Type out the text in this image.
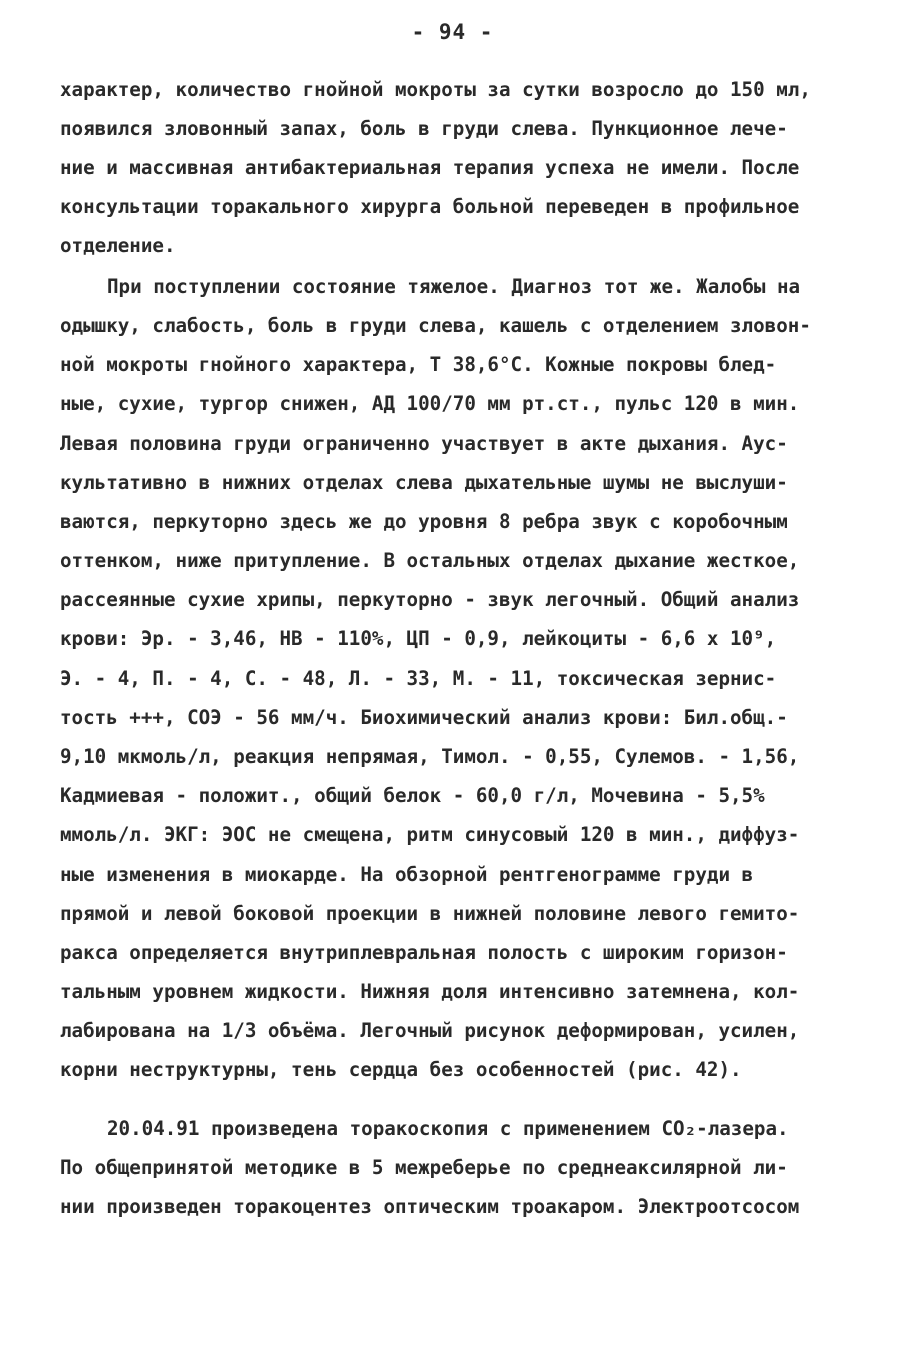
- 94 -
характер, количество гнойной мокроты за сутки возросло до 150 мл,
появился зловонный запах, боль в груди слева. Пункционное лече-
ние и массивная антибактериальная терапия успеха не имели. После
консультации торакального хирурга больной переведен в профильное
отделение.
При поступлении состояние тяжелое. Диагноз тот же. Жалобы на
одышку, слабость, боль в груди слева, кашель с отделением зловон-
ной мокроты гнойного характера, Т 38,6°С. Кожные покровы блед-
ные, сухие, тургор снижен, АД 100/70 мм рт.ст., пульс 120 в мин.
Левая половина груди ограниченно участвует в акте дыхания. Аус-
культативно в нижних отделах слева дыхательные шумы не выслуши-
ваются, перкуторно здесь же до уровня 8 ребра звук с коробочным
оттенком, ниже притупление. В остальных отделах дыхание жесткое,
рассеянные сухие хрипы, перкуторно - звук легочный. Общий анализ
крови: Эр. - 3,46, НВ - 110%, ЦП - 0,9, лейкоциты - 6,6 х 10⁹,
Э. - 4, П. - 4, С. - 48, Л. - 33, М. - 11, токсическая зернис-
тость +++, СОЭ - 56 мм/ч. Биохимический анализ крови: Бил.общ.-
9,10 мкмоль/л, реакция непрямая, Тимол. - 0,55, Сулемов. - 1,56,
Кадмиевая - положит., общий белок - 60,0 г/л, Мочевина - 5,5%
ммоль/л. ЭКГ: ЭОС не смещена, ритм синусовый 120 в мин., диффуз-
ные изменения в миокарде. На обзорной рентгенограмме груди в
прямой и левой боковой проекции в нижней половине левого гемито-
ракса определяется внутриплевральная полость с широким горизон-
тальным уровнем жидкости. Нижняя доля интенсивно затемнена, кол-
лабирована на 1/3 объёма. Легочный рисунок деформирован, усилен,
корни неструктурны, тень сердца без особенностей (рис. 42).
20.04.91 произведена торакоскопия с применением СО₂-лазера.
По общепринятой методике в 5 межреберье по среднеаксилярной ли-
нии произведен торакоцентез оптическим троакаром. Электроотсосом
